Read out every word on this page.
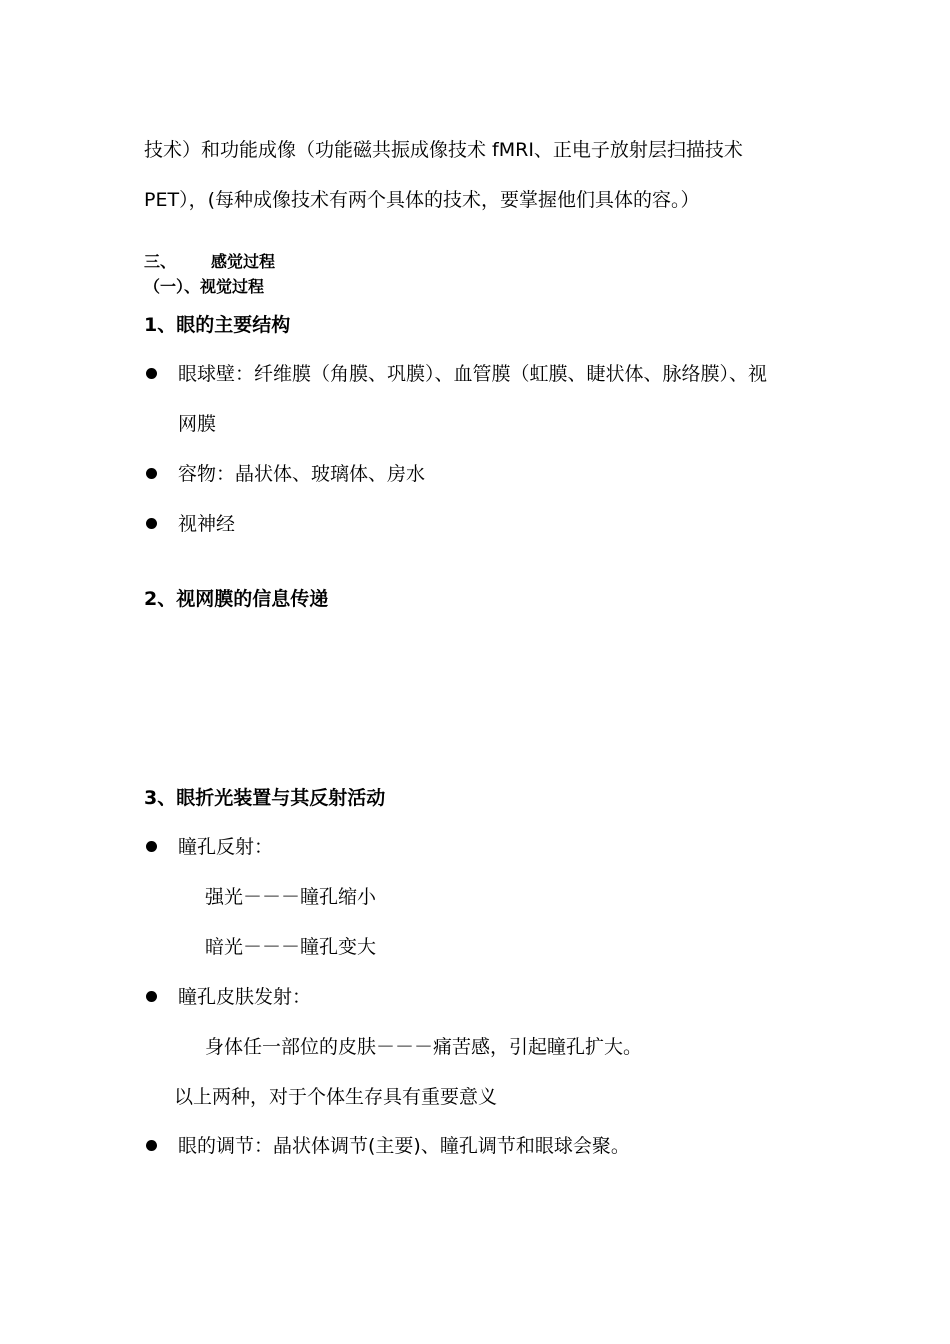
技术）和功能成像（功能磁共振成像技术 fMRI、正电子放射层扫描技术
PET），(每种成像技术有两个具体的技术，要掌握他们具体的容。）
三、 感觉过程
（一）、视觉过程
1、眼的主要结构
眼球壁：纤维膜（角膜、巩膜）、血管膜（虹膜、睫状体、脉络膜）、视
网膜
容物：晶状体、玻璃体、房水
视神经
2、视网膜的信息传递
3、眼折光装置与其反射活动
瞳孔反射：
强光－－－瞳孔缩小
暗光－－－瞳孔变大
瞳孔皮肤发射：
身体任一部位的皮肤－－－痛苦感，引起瞳孔扩大。
以上两种，对于个体生存具有重要意义
眼的调节：晶状体调节(主要)、瞳孔调节和眼球会聚。
